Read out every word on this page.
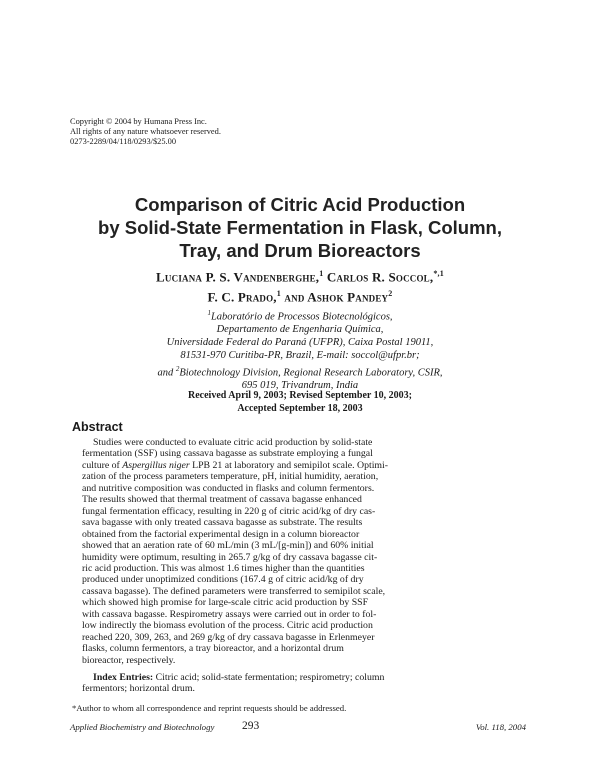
Copyright © 2004 by Humana Press Inc.
All rights of any nature whatsoever reserved.
0273-2289/04/118/0293/$25.00
Comparison of Citric Acid Production
by Solid-State Fermentation in Flask, Column,
Tray, and Drum Bioreactors
Luciana P. S. Vandenberghe,$^1$ Carlos R. Soccol,$^{*,1}$
F. C. Prado,$^1$ and Ashok Pandey$^2$
$^1$Laboratório de Processos Biotecnológicos,
Departamento de Engenharia Química,
Universidade Federal do Paraná (UFPR), Caixa Postal 19011,
81531-970 Curitiba-PR, Brazil, E-mail: soccol@ufpr.br;
and $^2$Biotechnology Division, Regional Research Laboratory, CSIR,
695 019, Trivandrum, India
Received April 9, 2003; Revised September 10, 2003;
Accepted September 18, 2003
Abstract
Studies were conducted to evaluate citric acid production by solid-state
fermentation (SSF) using cassava bagasse as substrate employing a fungal
culture of Aspergillus niger LPB 21 at laboratory and semipilot scale. Optimi-
zation of the process parameters temperature, pH, initial humidity, aeration,
and nutritive composition was conducted in flasks and column fermentors.
The results showed that thermal treatment of cassava bagasse enhanced
fungal fermentation efficacy, resulting in 220 g of citric acid/kg of dry cas-
sava bagasse with only treated cassava bagasse as substrate. The results
obtained from the factorial experimental design in a column bioreactor
showed that an aeration rate of 60 mL/min (3 mL/[g-min]) and 60% initial
humidity were optimum, resulting in 265.7 g/kg of dry cassava bagasse cit-
ric acid production. This was almost 1.6 times higher than the quantities
produced under unoptimized conditions (167.4 g of citric acid/kg of dry
cassava bagasse). The defined parameters were transferred to semipilot scale,
which showed high promise for large-scale citric acid production by SSF
with cassava bagasse. Respirometry assays were carried out in order to fol-
low indirectly the biomass evolution of the process. Citric acid production
reached 220, 309, 263, and 269 g/kg of dry cassava bagasse in Erlenmeyer
flasks, column fermentors, a tray bioreactor, and a horizontal drum
bioreactor, respectively.
Index Entries: Citric acid; solid-state fermentation; respirometry; column
fermentors; horizontal drum.
*Author to whom all correspondence and reprint requests should be addressed.
Applied Biochemistry and Biotechnology 293	Vol. 118, 2004
